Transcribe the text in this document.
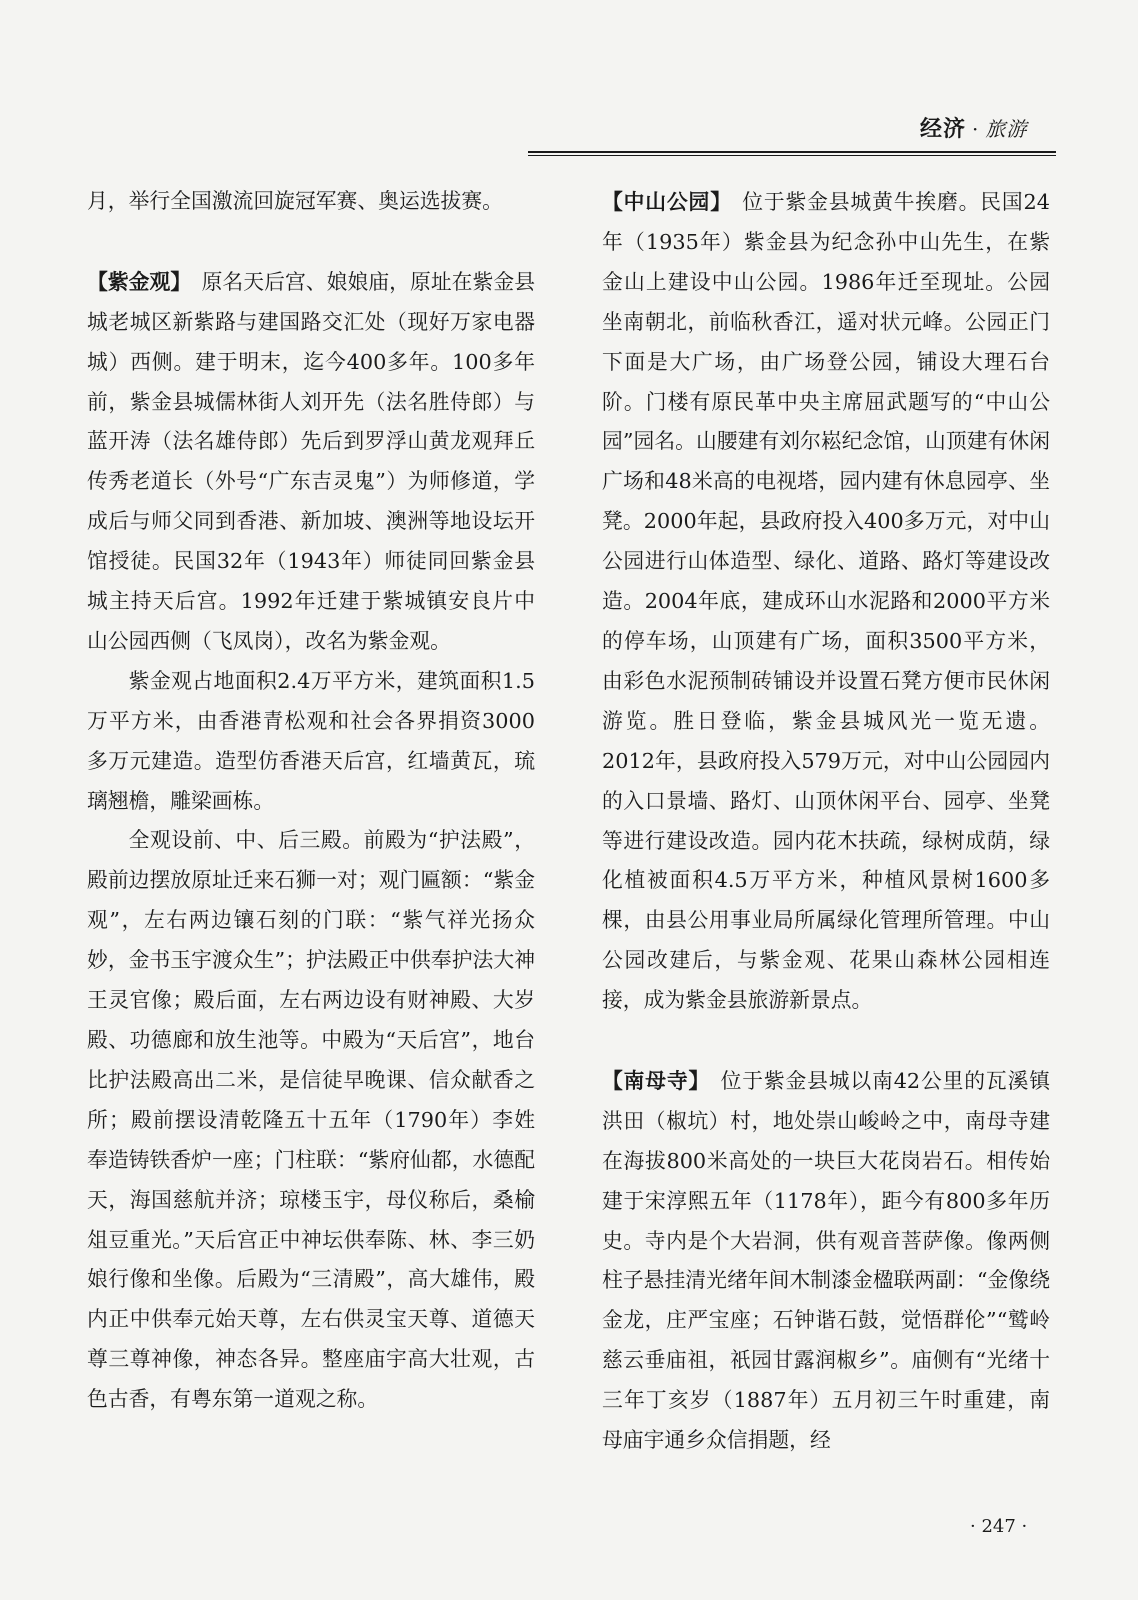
经济 · 旅游

月，举行全国激流回旋冠军赛、奥运选拔赛。

【紫金观】 原名天后宫、娘娘庙，原址在紫金县城老城区新紫路与建国路交汇处（现好万家电器城）西侧。建于明末，迄今400多年。100多年前，紫金县城儒林街人刘开先（法名胜侍郎）与蓝开涛（法名雄侍郎）先后到罗浮山黄龙观拜丘传秀老道长（外号“广东吉灵鬼”）为师修道，学成后与师父同到香港、新加坡、澳洲等地设坛开馆授徒。民国32年（1943年）师徒同回紫金县城主持天后宫。1992年迁建于紫城镇安良片中山公园西侧（飞凤岗），改名为紫金观。

紫金观占地面积2.4万平方米，建筑面积1.5万平方米，由香港青松观和社会各界捐资3000多万元建造。造型仿香港天后宫，红墙黄瓦，琉璃翘檐，雕梁画栋。

全观设前、中、后三殿。前殿为“护法殿”，殿前边摆放原址迁来石狮一对；观门匾额：“紫金观”，左右两边镶石刻的门联：“紫气祥光扬众妙，金书玉宇渡众生”；护法殿正中供奉护法大神王灵官像；殿后面，左右两边设有财神殿、大岁殿、功德廊和放生池等。中殿为“天后宫”，地台比护法殿高出二米，是信徒早晚课、信众献香之所；殿前摆设清乾隆五十五年（1790年）李姓奉造铸铁香炉一座；门柱联：“紫府仙都，水德配天，海国慈航并济；琼楼玉宇，母仪称后，桑榆俎豆重光。”天后宫正中神坛供奉陈、林、李三奶娘行像和坐像。后殿为“三清殿”，高大雄伟，殿内正中供奉元始天尊，左右供灵宝天尊、道德天尊三尊神像，神态各异。整座庙宇高大壮观，古色古香，有粤东第一道观之称。

【中山公园】 位于紫金县城黄牛挨磨。民国24年（1935年）紫金县为纪念孙中山先生，在紫金山上建设中山公园。1986年迁至现址。公园坐南朝北，前临秋香江，遥对状元峰。公园正门下面是大广场，由广场登公园，铺设大理石台阶。门楼有原民革中央主席屈武题写的“中山公园”园名。山腰建有刘尔崧纪念馆，山顶建有休闲广场和48米高的电视塔，园内建有休息园亭、坐凳。2000年起，县政府投入400多万元，对中山公园进行山体造型、绿化、道路、路灯等建设改造。2004年底，建成环山水泥路和2000平方米的停车场，山顶建有广场，面积3500平方米，由彩色水泥预制砖铺设并设置石凳方便市民休闲游览。胜日登临，紫金县城风光一览无遗。2012年，县政府投入579万元，对中山公园园内的入口景墙、路灯、山顶休闲平台、园亭、坐凳等进行建设改造。园内花木扶疏，绿树成荫，绿化植被面积4.5万平方米，种植风景树1600多棵，由县公用事业局所属绿化管理所管理。中山公园改建后，与紫金观、花果山森林公园相连接，成为紫金县旅游新景点。

【南母寺】 位于紫金县城以南42公里的瓦溪镇洪田（椒坑）村，地处崇山峻岭之中，南母寺建在海拔800米高处的一块巨大花岗岩石。相传始建于宋淳熙五年（1178年），距今有800多年历史。寺内是个大岩洞，供有观音菩萨像。像两侧柱子悬挂清光绪年间木制漆金楹联两副：“金像绕金龙，庄严宝座；石钟谐石鼓，觉悟群伦”“鹫岭慈云垂庙祖，祇园甘露润椒乡”。庙侧有“光绪十三年丁亥岁（1887年）五月初三午时重建，南母庙宇通乡众信捐题，经

· 247 ·
